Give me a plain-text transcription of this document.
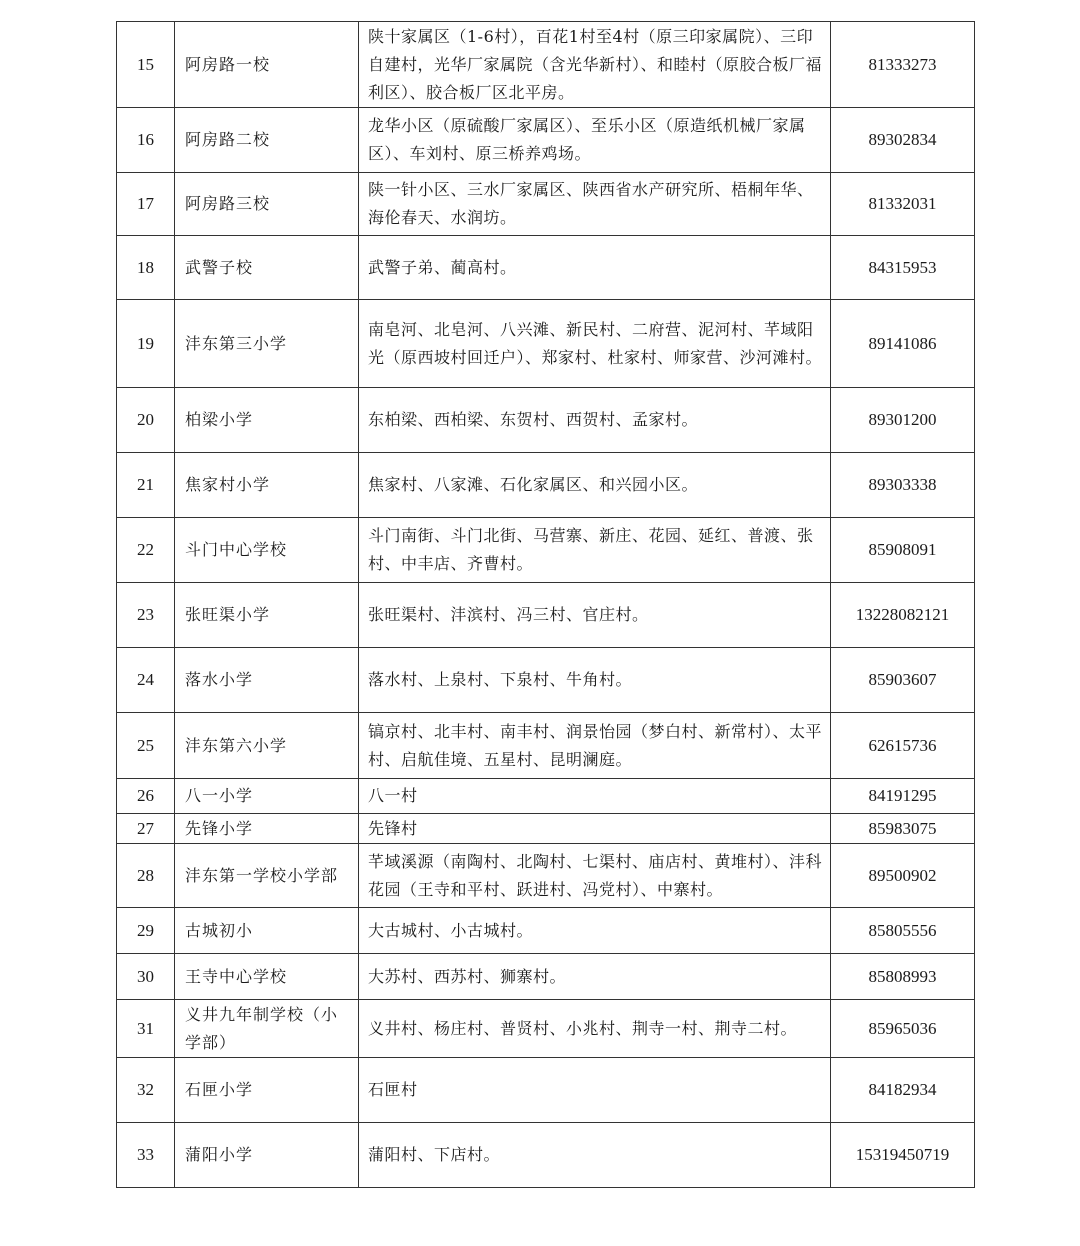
15	阿房路一校	陕十家属区（1-6村），百花1村至4村（原三印家属院）、三印自建村，光华厂家属院（含光华新村）、和睦村（原胶合板厂福利区）、胶合板厂区北平房。	81333273
16	阿房路二校	龙华小区（原硫酸厂家属区）、至乐小区（原造纸机械厂家属区）、车刘村、原三桥养鸡场。	89302834
17	阿房路三校	陕一针小区、三水厂家属区、陕西省水产研究所、梧桐年华、海伦春天、水润坊。	81332031
18	武警子校	武警子弟、蔺高村。	84315953
19	沣东第三小学	南皂河、北皂河、八兴滩、新民村、二府营、泥河村、芊域阳光（原西坡村回迁户）、郑家村、杜家村、师家营、沙河滩村。	89141086
20	柏梁小学	东柏梁、西柏梁、东贺村、西贺村、孟家村。	89301200
21	焦家村小学	焦家村、八家滩、石化家属区、和兴园小区。	89303338
22	斗门中心学校	斗门南街、斗门北街、马营寨、新庄、花园、延红、普渡、张村、中丰店、齐曹村。	85908091
23	张旺渠小学	张旺渠村、沣滨村、冯三村、官庄村。	13228082121
24	落水小学	落水村、上泉村、下泉村、牛角村。	85903607
25	沣东第六小学	镐京村、北丰村、南丰村、润景怡园（梦白村、新常村）、太平村、启航佳境、五星村、昆明澜庭。	62615736
26	八一小学	八一村	84191295
27	先锋小学	先锋村	85983075
28	沣东第一学校小学部	芊域溪源（南陶村、北陶村、七渠村、庙店村、黄堆村）、沣科花园（王寺和平村、跃进村、冯党村）、中寨村。	89500902
29	古城初小	大古城村、小古城村。	85805556
30	王寺中心学校	大苏村、西苏村、狮寨村。	85808993
31	义井九年制学校（小学部）	义井村、杨庄村、普贤村、小兆村、荆寺一村、荆寺二村。	85965036
32	石匣小学	石匣村	84182934
33	蒲阳小学	蒲阳村、下店村。	15319450719
